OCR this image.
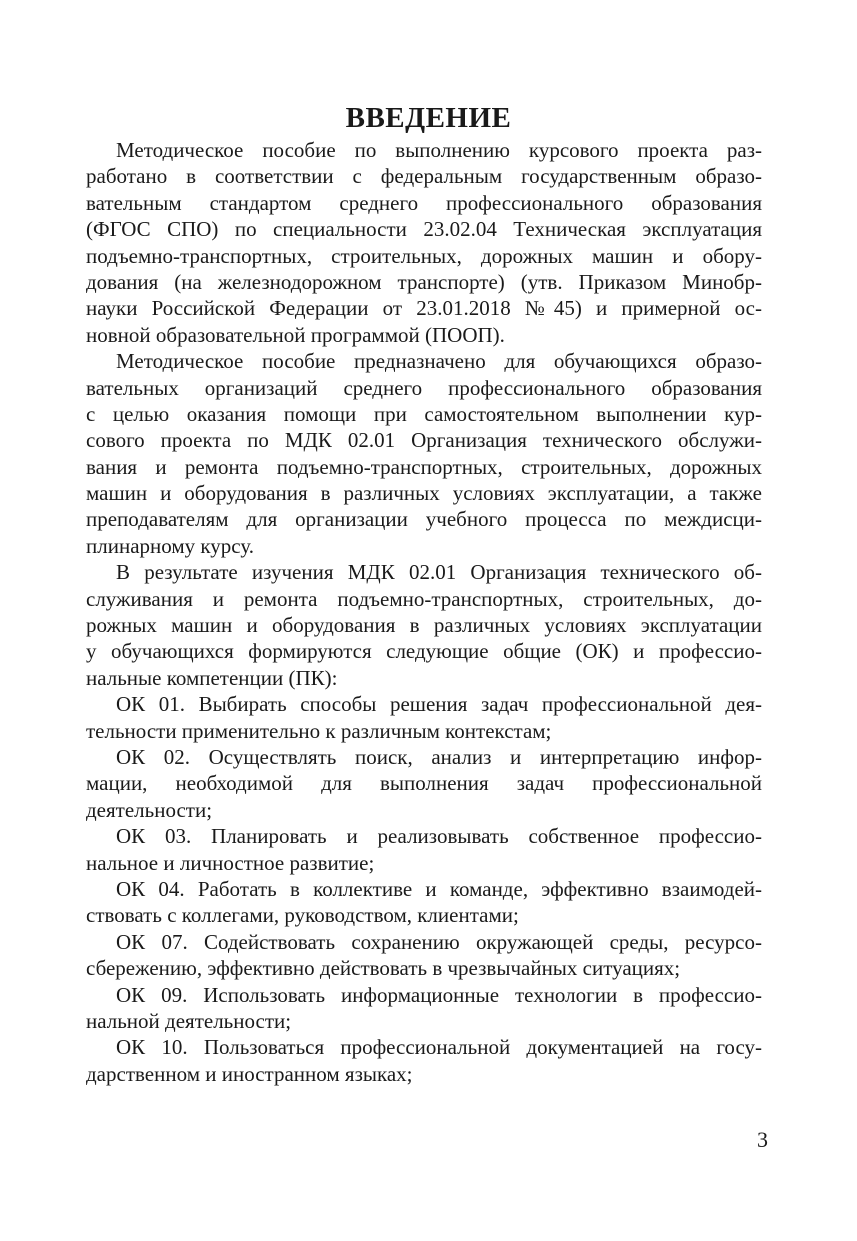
ВВЕДЕНИЕ
Методическое пособие по выполнению курсового проекта раз-
работано в соответствии с федеральным государственным образо-
вательным стандартом среднего профессионального образования
(ФГОС СПО) по специальности 23.02.04 Техническая эксплуатация
подъемно-транспортных, строительных, дорожных машин и обору-
дования (на железнодорожном транспорте) (утв. Приказом Минобр-
науки Российской Федерации от 23.01.2018 №45) и примерной ос-
новной образовательной программой (ПООП).
Методическое пособие предназначено для обучающихся образо-
вательных организаций среднего профессионального образования
с целью оказания помощи при самостоятельном выполнении кур-
сового проекта по МДК 02.01 Организация технического обслужи-
вания и ремонта подъемно-транспортных, строительных, дорожных
машин и оборудования в различных условиях эксплуатации, а также
преподавателям для организации учебного процесса по междисци-
плинарному курсу.
В результате изучения МДК 02.01 Организация технического об-
служивания и ремонта подъемно-транспортных, строительных, до-
рожных машин и оборудования в различных условиях эксплуатации
у обучающихся формируются следующие общие (ОК) и профессио-
нальные компетенции (ПК):
ОК 01. Выбирать способы решения задач профессиональной дея-
тельности применительно к различным контекстам;
ОК 02. Осуществлять поиск, анализ и интерпретацию инфор-
мации, необходимой для выполнения задач профессиональной
деятельности;
ОК 03. Планировать и реализовывать собственное профессио-
нальное и личностное развитие;
ОК 04. Работать в коллективе и команде, эффективно взаимодей-
ствовать с коллегами, руководством, клиентами;
ОК 07. Содействовать сохранению окружающей среды, ресурсо-
сбережению, эффективно действовать в чрезвычайных ситуациях;
ОК 09. Использовать информационные технологии в профессио-
нальной деятельности;
ОК 10. Пользоваться профессиональной документацией на госу-
дарственном и иностранном языках;
3
